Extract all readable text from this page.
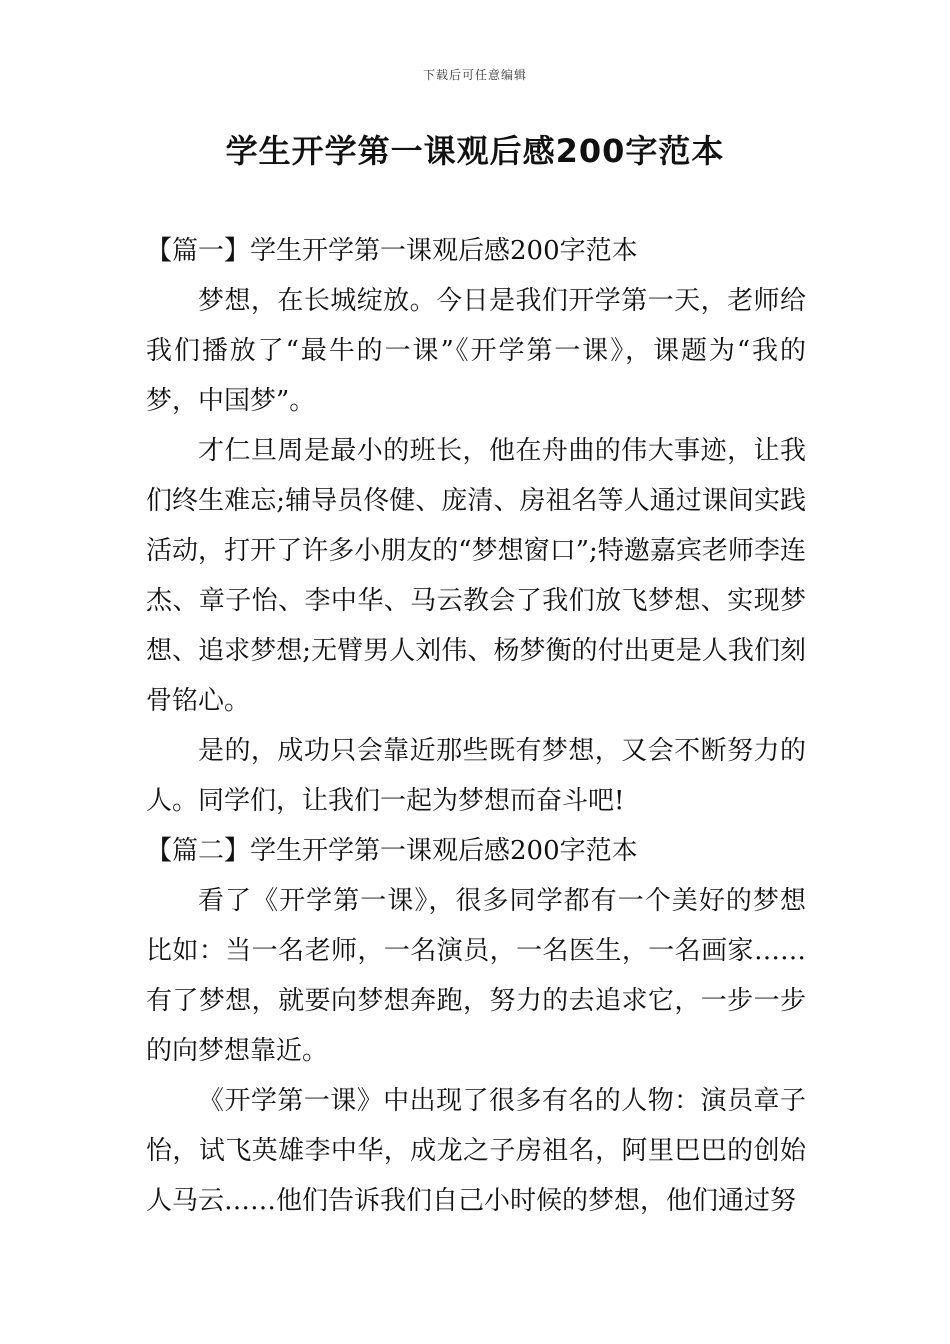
下载后可任意编辑
学生开学第一课观后感200字范本

【篇一】学生开学第一课观后感200字范本

梦想，在长城绽放。今日是我们开学第一天，老师给我们播放了“最牛的一课”《开学第一课》，课题为“我的梦，中国梦”。

才仁旦周是最小的班长，他在舟曲的伟大事迹，让我们终生难忘;辅导员佟健、庞清、房祖名等人通过课间实践活动，打开了许多小朋友的“梦想窗口”;特邀嘉宾老师李连杰、章子怡、李中华、马云教会了我们放飞梦想、实现梦想、追求梦想;无臂男人刘伟、杨梦衡的付出更是人我们刻骨铭心。

是的，成功只会靠近那些既有梦想，又会不断努力的人。同学们，让我们一起为梦想而奋斗吧!

【篇二】学生开学第一课观后感200字范本

看了《开学第一课》，很多同学都有一个美好的梦想比如：当一名老师，一名演员，一名医生，一名画家……有了梦想，就要向梦想奔跑，努力的去追求它，一步一步的向梦想靠近。

《开学第一课》中出现了很多有名的人物：演员章子怡，试飞英雄李中华，成龙之子房祖名，阿里巴巴的创始人马云……他们告诉我们自己小时候的梦想，他们通过努
